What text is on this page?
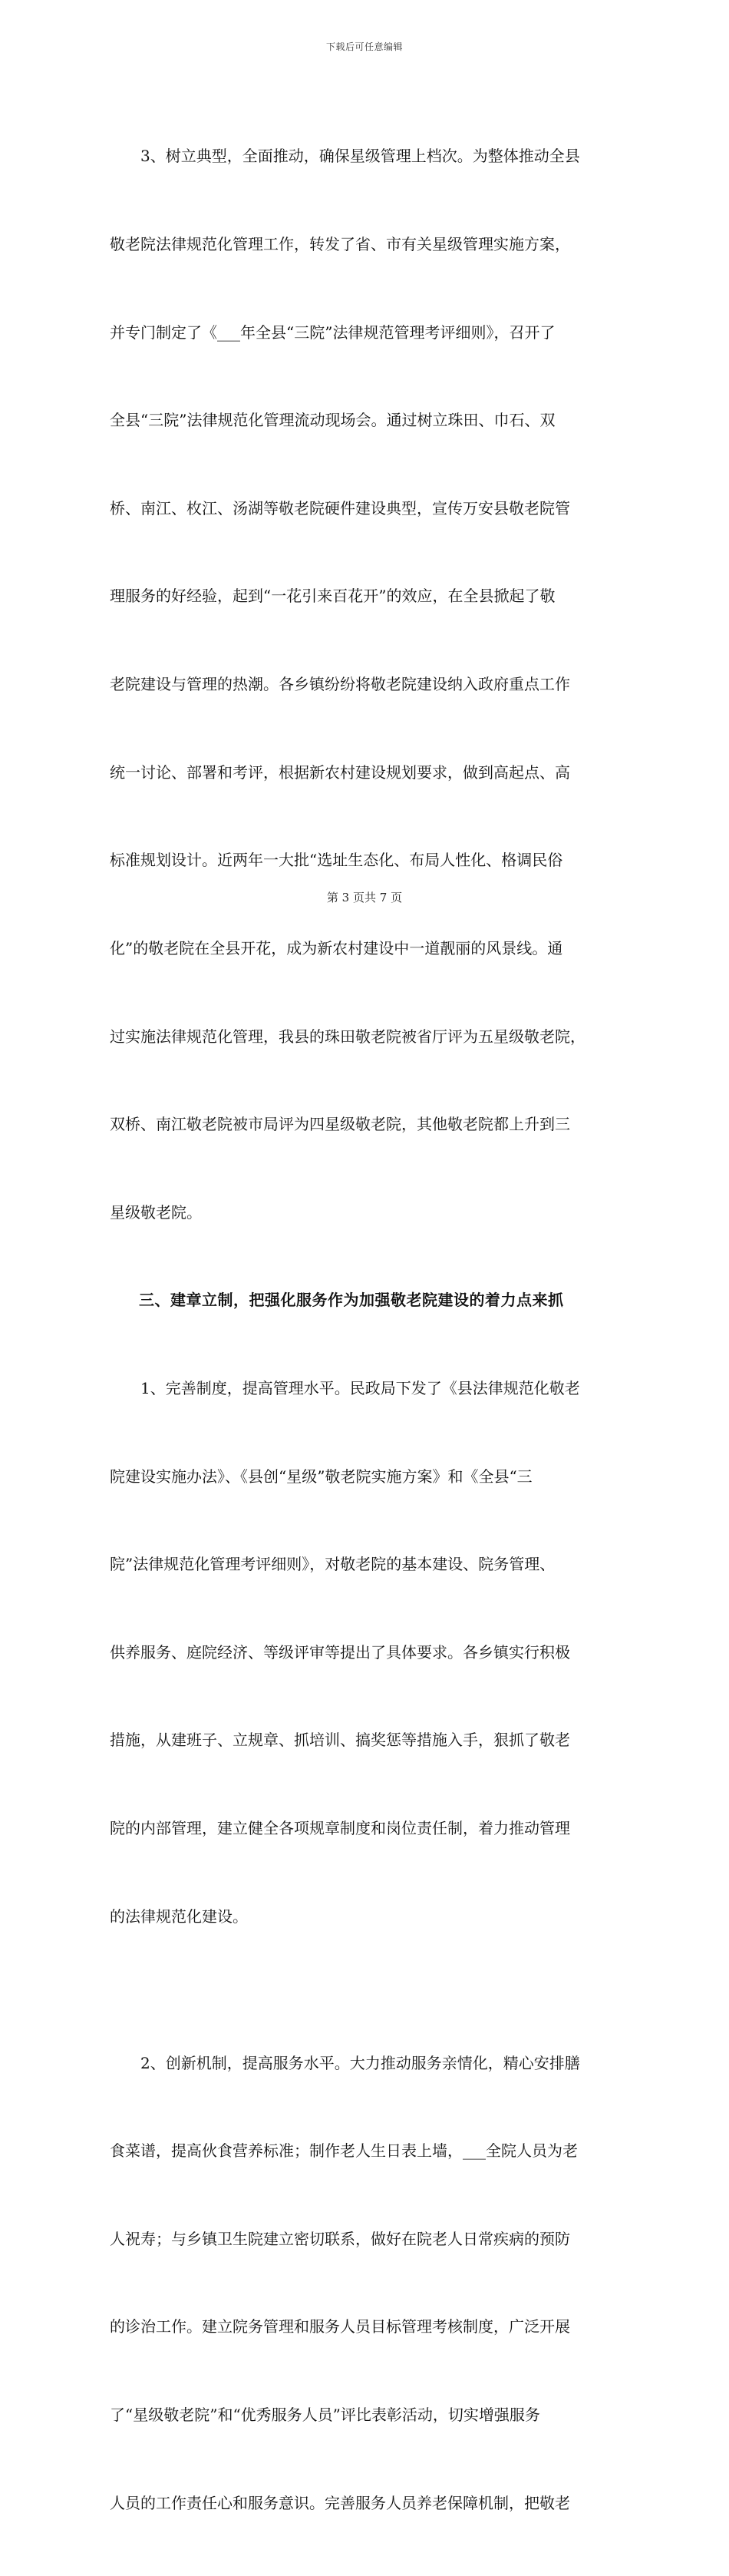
下载后可任意编辑

3、树立典型，全面推动，确保星级管理上档次。为整体推动全县

敬老院法律规范化管理工作，转发了省、市有关星级管理实施方案，

并专门制定了《___年全县“三院”法律规范管理考评细则》，召开了

全县“三院”法律规范化管理流动现场会。通过树立珠田、巾石、双

桥、南江、枚江、汤湖等敬老院硬件建设典型，宣传万安县敬老院管

理服务的好经验，起到“一花引来百花开”的效应，在全县掀起了敬

老院建设与管理的热潮。各乡镇纷纷将敬老院建设纳入政府重点工作

统一讨论、部署和考评，根据新农村建设规划要求，做到高起点、高

标准规划设计。近两年一大批“选址生态化、布局人性化、格调民俗

化”的敬老院在全县开花，成为新农村建设中一道靓丽的风景线。通

过实施法律规范化管理，我县的珠田敬老院被省厅评为五星级敬老院，

双桥、南江敬老院被市局评为四星级敬老院，其他敬老院都上升到三

星级敬老院。

三、建章立制，把强化服务作为加强敬老院建设的着力点来抓

1、完善制度，提高管理水平。民政局下发了《县法律规范化敬老

院建设实施办法》、《县创“星级”敬老院实施方案》和《全县“三

院”法律规范化管理考评细则》，对敬老院的基本建设、院务管理、

供养服务、庭院经济、等级评审等提出了具体要求。各乡镇实行积极

措施，从建班子、立规章、抓培训、搞奖惩等措施入手，狠抓了敬老

院的内部管理，建立健全各项规章制度和岗位责任制，着力推动管理

的法律规范化建设。

2、创新机制，提高服务水平。大力推动服务亲情化，精心安排膳

食菜谱，提高伙食营养标准；制作老人生日表上墙，___全院人员为老

人祝寿；与乡镇卫生院建立密切联系，做好在院老人日常疾病的预防

的诊治工作。建立院务管理和服务人员目标管理考核制度，广泛开展

了“星级敬老院”和“优秀服务人员”评比表彰活动，切实增强服务

人员的工作责任心和服务意识。完善服务人员养老保障机制，把敬老

第 3 页共 7 页
